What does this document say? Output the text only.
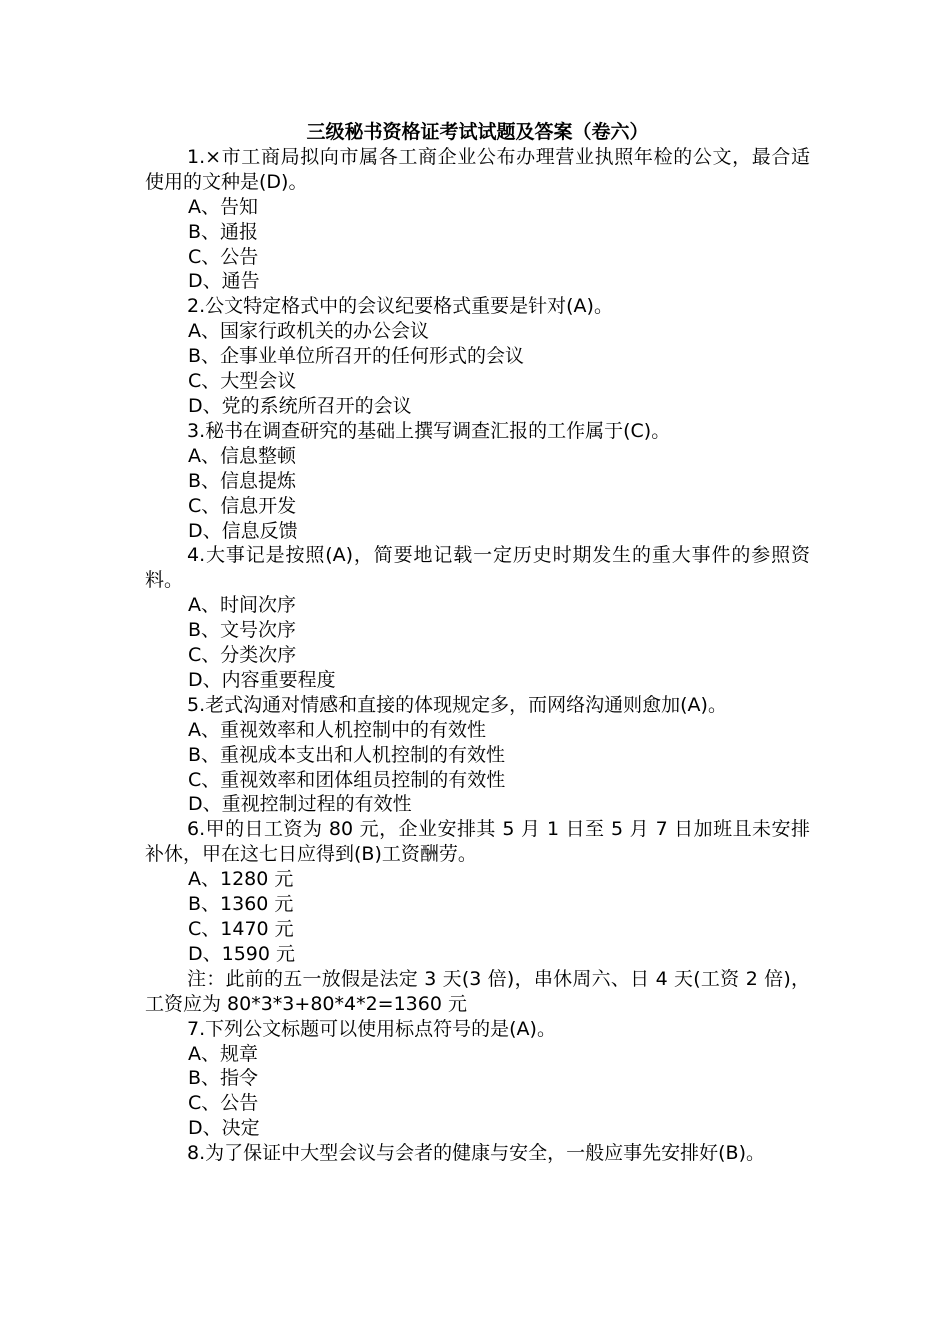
三级秘书资格证考试试题及答案（卷六）
1.×市工商局拟向市属各工商企业公布办理营业执照年检的公文，最合适使用的文种是(D)。
A、告知
B、通报
C、公告
D、通告
2.公文特定格式中的会议纪要格式重要是针对(A)。
A、国家行政机关的办公会议
B、企事业单位所召开的任何形式的会议
C、大型会议
D、党的系统所召开的会议
3.秘书在调查研究的基础上撰写调查汇报的工作属于(C)。
A、信息整顿
B、信息提炼
C、信息开发
D、信息反馈
4.大事记是按照(A)，简要地记载一定历史时期发生的重大事件的参照资料。
A、时间次序
B、文号次序
C、分类次序
D、内容重要程度
5.老式沟通对情感和直接的体现规定多，而网络沟通则愈加(A)。
A、重视效率和人机控制中的有效性
B、重视成本支出和人机控制的有效性
C、重视效率和团体组员控制的有效性
D、重视控制过程的有效性
6.甲的日工资为 80 元，企业安排其 5 月 1 日至 5 月 7 日加班且未安排补休，甲在这七日应得到(B)工资酬劳。
A、1280 元
B、1360 元
C、1470 元
D、1590 元
注：此前的五一放假是法定 3 天(3 倍)，串休周六、日 4 天(工资 2 倍)，工资应为 80*3*3+80*4*2=1360 元
7.下列公文标题可以使用标点符号的是(A)。
A、规章
B、指令
C、公告
D、决定
8.为了保证中大型会议与会者的健康与安全，一般应事先安排好(B)。
